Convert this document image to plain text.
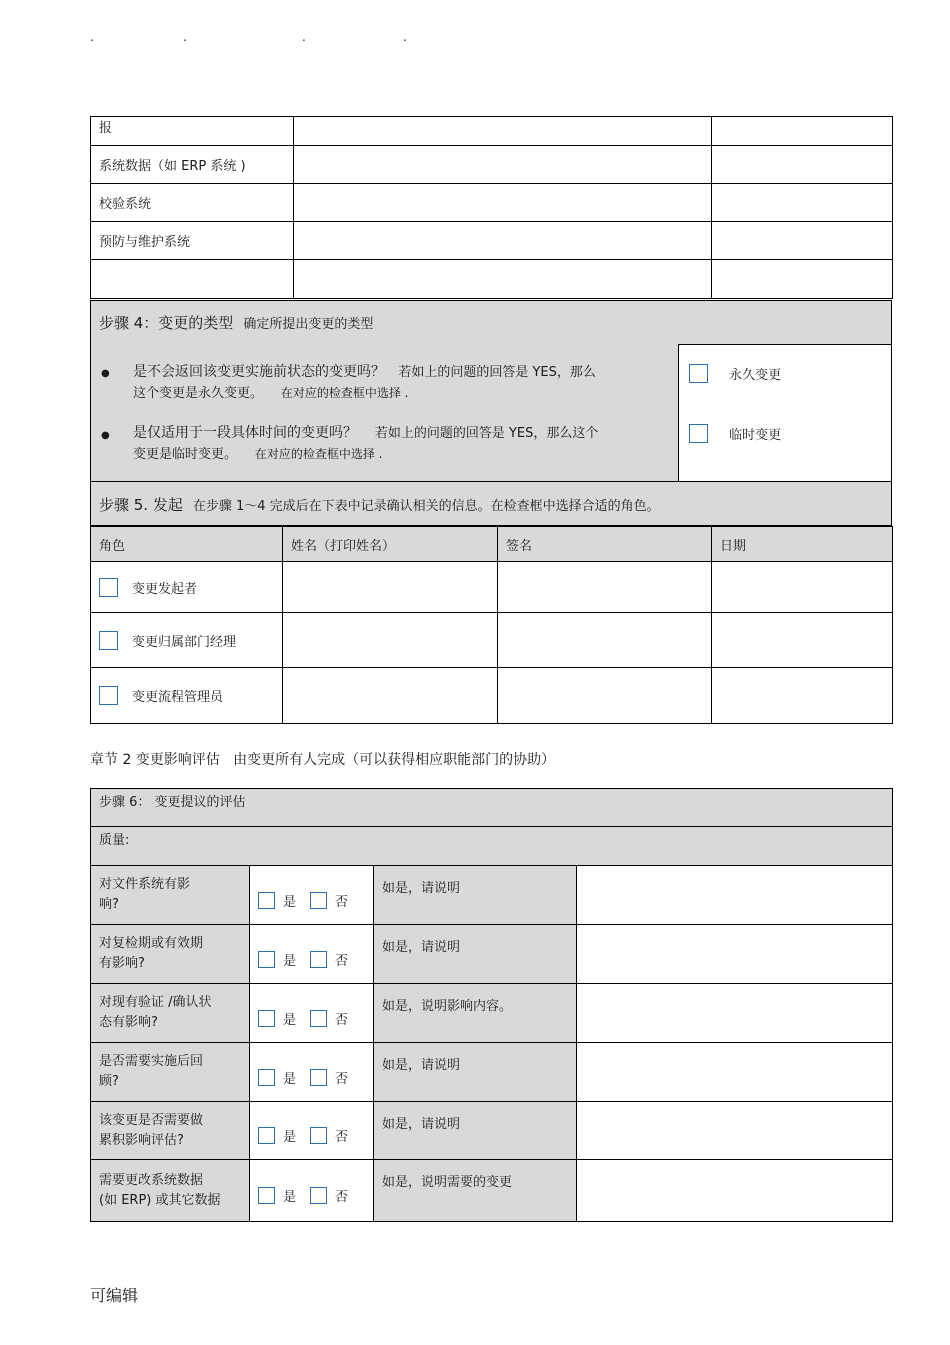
.	.	.	.
报		
系统数据（如 ERP 系统 )		
校验系统		
预防与维护系统		

步骤 4：变更的类型 确定所提出变更的类型
● 是不会返回该变更实施前状态的变更吗？ 若如上的问题的回答是 YES，那么
这个变更是永久变更。 在对应的检查框中选择 .
● 是仅适用于一段具体时间的变更吗？ 若如上的问题的回答是 YES，那么这个
变更是临时变更。 在对应的检查框中选择 .
永久变更
临时变更
步骤 5. 发起 在步骤 1～4 完成后在下表中记录确认相关的信息。在检查框中选择合适的角色。
角色	姓名（打印姓名）	签名	日期
变更发起者			
变更归属部门经理			
变更流程管理员			
章节 2 变更影响评估 由变更所有人完成（可以获得相应职能部门的协助）
步骤 6： 变更提议的评估
质量:
对文件系统有影
响?	是 否	如是，请说明	
对复检期或有效期
有影响?	是 否	如是，请说明	
对现有验证 /确认状
态有影响?	是 否	如是，说明影响内容。	
是否需要实施后回
顾?	是 否	如是，请说明	
该变更是否需要做
累积影响评估?	是 否	如是，请说明	
需要更改系统数据
(如 ERP) 或其它数据	是 否	如是，说明需要的变更	
可编辑
